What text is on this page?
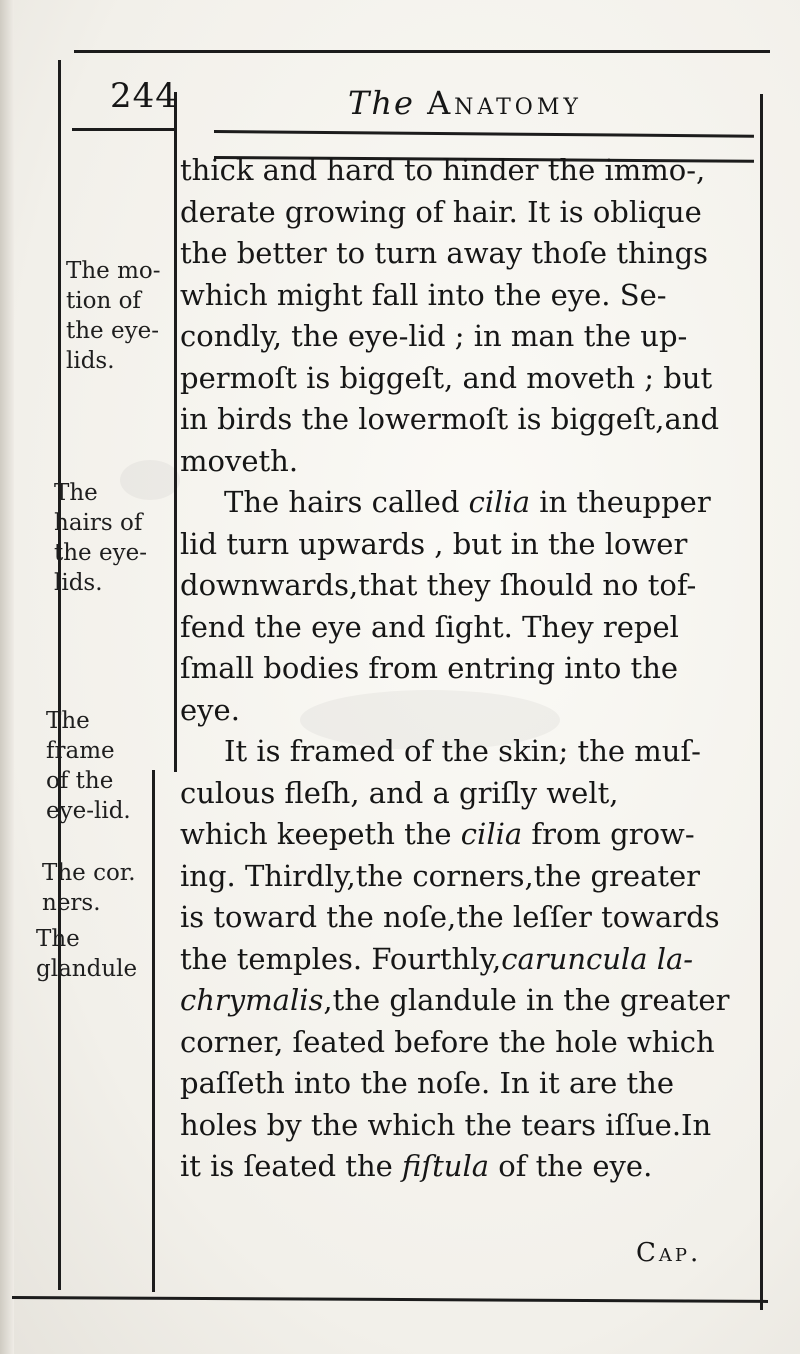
244	The Anatomy
The mo-
tion of
the eye-
lids.
The
hairs of
the eye-
lids.
The
frame
of the
eye-lid.
The cor.
ners.
The
glandule
thick and hard to hinder the immo-,
derate growing of hair. It is oblique
the better to turn away thoſe things
which might fall into the eye. Se-
condly, the eye-lid ; in man the up-
permoſt is biggeſt, and moveth ; but
in birds the lowermoſt is biggeſt,and
moveth.
The hairs called cilia in theupper
lid turn upwards , but in the lower
downwards,that they ſhould no tof-
fend the eye and ſight. They repel
ſmall bodies from entring into the
eye.
It is framed of the skin; the muſ-
culous fleſh, and a griſly welt,
which keepeth the cilia from grow-
ing. Thirdly,the corners,the greater
is toward the noſe,the leſſer towards
the temples. Fourthly,caruncula la-
chrymalis,the glandule in the greater
corner, ſeated before the hole which
paſſeth into the noſe. In it are the
holes by the which the tears iſſue.In
it is ſeated the fiſtula of the eye.
Cap.
